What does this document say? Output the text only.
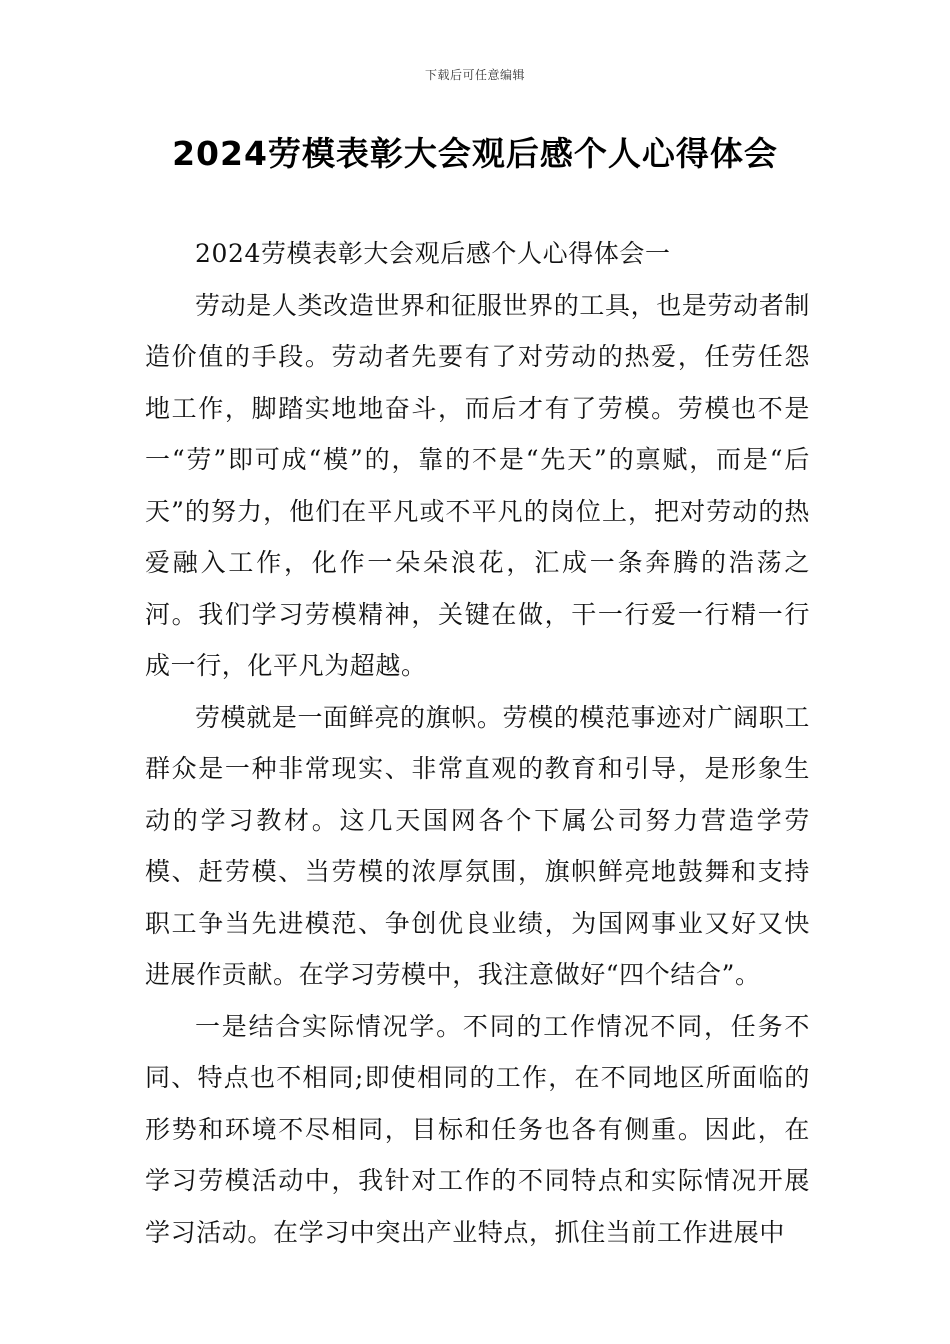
下载后可任意编辑
2024劳模表彰大会观后感个人心得体会

2024劳模表彰大会观后感个人心得体会一

劳动是人类改造世界和征服世界的工具，也是劳动者制造价值的手段。劳动者先要有了对劳动的热爱，任劳任怨地工作，脚踏实地地奋斗，而后才有了劳模。劳模也不是一“劳”即可成“模”的，靠的不是“先天”的禀赋，而是“后天”的努力，他们在平凡或不平凡的岗位上，把对劳动的热爱融入工作，化作一朵朵浪花，汇成一条奔腾的浩荡之河。我们学习劳模精神，关键在做，干一行爱一行精一行成一行，化平凡为超越。

劳模就是一面鲜亮的旗帜。劳模的模范事迹对广阔职工群众是一种非常现实、非常直观的教育和引导，是形象生动的学习教材。这几天国网各个下属公司努力营造学劳模、赶劳模、当劳模的浓厚氛围，旗帜鲜亮地鼓舞和支持职工争当先进模范、争创优良业绩，为国网事业又好又快进展作贡献。在学习劳模中，我注意做好“四个结合”。

一是结合实际情况学。不同的工作情况不同，任务不同、特点也不相同;即使相同的工作，在不同地区所面临的形势和环境不尽相同，目标和任务也各有侧重。因此，在学习劳模活动中，我针对工作的不同特点和实际情况开展学习活动。在学习中突出产业特点，抓住当前工作进展中
